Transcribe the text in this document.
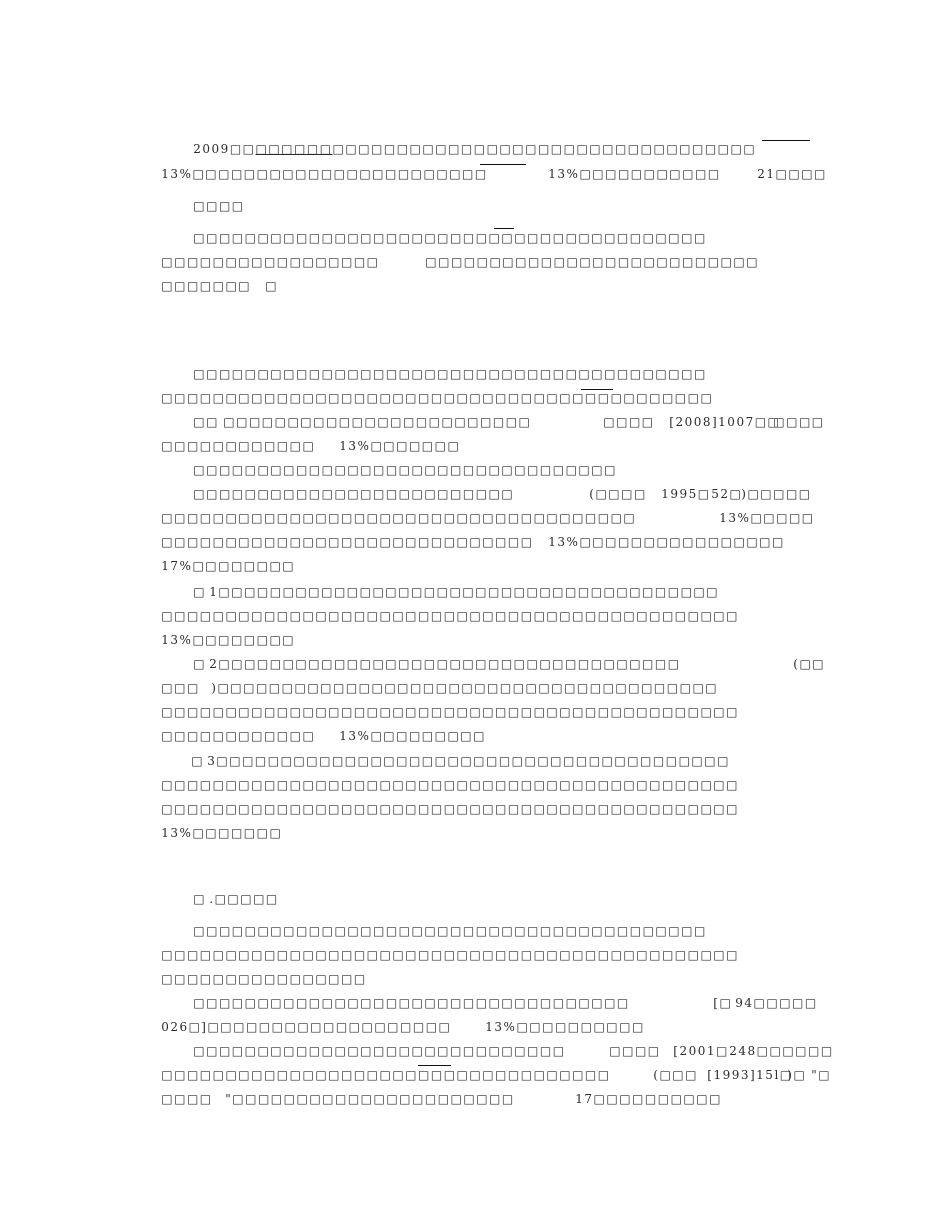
2009□□□□□□□□□□□□□□□□□□□□□□□□□□□□□□□□□□□□□□□□□

13%□□□□□□□□□□□□□□□□□□□□□□□
	13%□□□□□□□□□□□
	21□□□□

□□□□

□□□□□□□□□□□□□□□□□□□□□□□□□□□□□□□□□□□□□□□□

□□□□□□□□□□□□□□□□□
	□□□□□□□□□□□□□□□□□□□□□□□□□□

□□□□□□□
	□

□□□□□□□□□□□□□□□□□□□□□□□□□□□□□□□□□□□□□□□□

□□□□□□□□□□□□□□□□□□□□□□□□□□□□□□□□□□□□□□□□□□□

□□
□□□□□□□□□□□□□□□□□□□□□□□□
	□□□□
	[2008]1007□□

□□□□

□□□□□□□□□□□□
	13%□□□□□□□

□□□□□□□□□□□□□□□□□□□□□□□□□□□□□□□□□

□□□□□□□□□□□□□□□□□□□□□□□□□
	(□□□□
	1995□
52□

)□□□□□

□□□□□□□□□□□□□□□□□□□□□□□□□□□□□□□□□□□□□
	13%□□□□□

□□□□□□□□□□□□□□□□□□□□□□□□□□□□□
	13%□□□□□□□□□□□□□□□□

17%□□□□□□□□

□
1□□□□□□□□□□□□□□□□□□□□□□□□□□□□□□□□□□□□□□□

□□□□□□□□□□□□□□□□□□□□□□□□□□□□□□□□□□□□□□□□□□□□□

13%□□□□□□□□

□
2□□□□□□□□□□□□□□□□□□□□□□□□□□□□□□□□□□□□
	(□□

□□□
)□□□□□□□□□□□□□□□□□□□□□□□□□□□□□□□□□□□□□□□

□□□□□□□□□□□□□□□□□□□□□□□□□□□□□□□□□□□□□□□□□□□□□

□□□□□□□□□□□□
	13%□□□□□□□□□

□
3□□□□□□□□□□□□□□□□□□□□□□□□□□□□□□□□□□□□□□□□

□□□□□□□□□□□□□□□□□□□□□□□□□□□□□□□□□□□□□□□□□□□□□

□□□□□□□□□□□□□□□□□□□□□□□□□□□□□□□□□□□□□□□□□□□□□

13%□□□□□□□

□
.□□□□□

□□□□□□□□□□□□□□□□□□□□□□□□□□□□□□□□□□□□□□□□

□□□□□□□□□□□□□□□□□□□□□□□□□□□□□□□□□□□□□□□□□□□□□

□□□□□□□□□□□□□□□□

□□□□□□□□□□□□□□□□□□□□□□□□□□□□□□□□□□
	[□
94□□□□□

026□
]□□□□□□□□□□□□□□□□□□□
	13%□□□□□□□□□□

□□□□□□□□□□□□□□□□□□□□□□□□□□□□□
	□□□□
	[2001□
248□□□□□□

□□□□□□□□□□□□□□□□□□□□□□□□□□□□□□□□□□□
	(□□□
[1993]15l□

)□
"□

□□□□
	"□□□□□□□□□□□□□□□□□□□□□□
	17□□□□□□□□□□
